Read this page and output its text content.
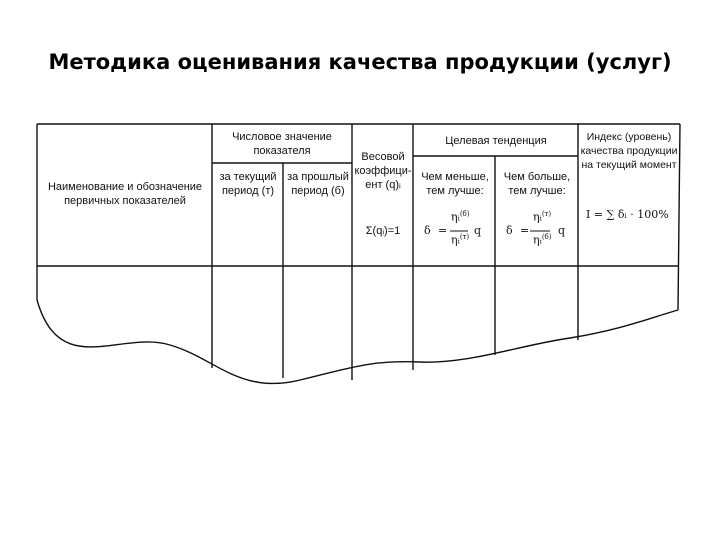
Методика оценивания качества продукции (услуг)
Наименование и обозначение
первичных показателей
Числовое значение
показателя
за текущий
период (т)
за прошлый
период (б)
Весовой
коэффици-
ент (q)ᵢ
Σ(qᵢ)=1
Целевая тенденция
Чем меньше,
тем лучше:
Чем больше,
тем лучше:
δ =
ηᵢ$^{(б)}$
ηᵢ$^{(т)}$ q δ =
ηᵢ$^{(т)}$
ηᵢ$^{(б)}$ q
Индекс (уровень)
качества продукции
на текущий момент
I = ∑ δᵢ · 100%
